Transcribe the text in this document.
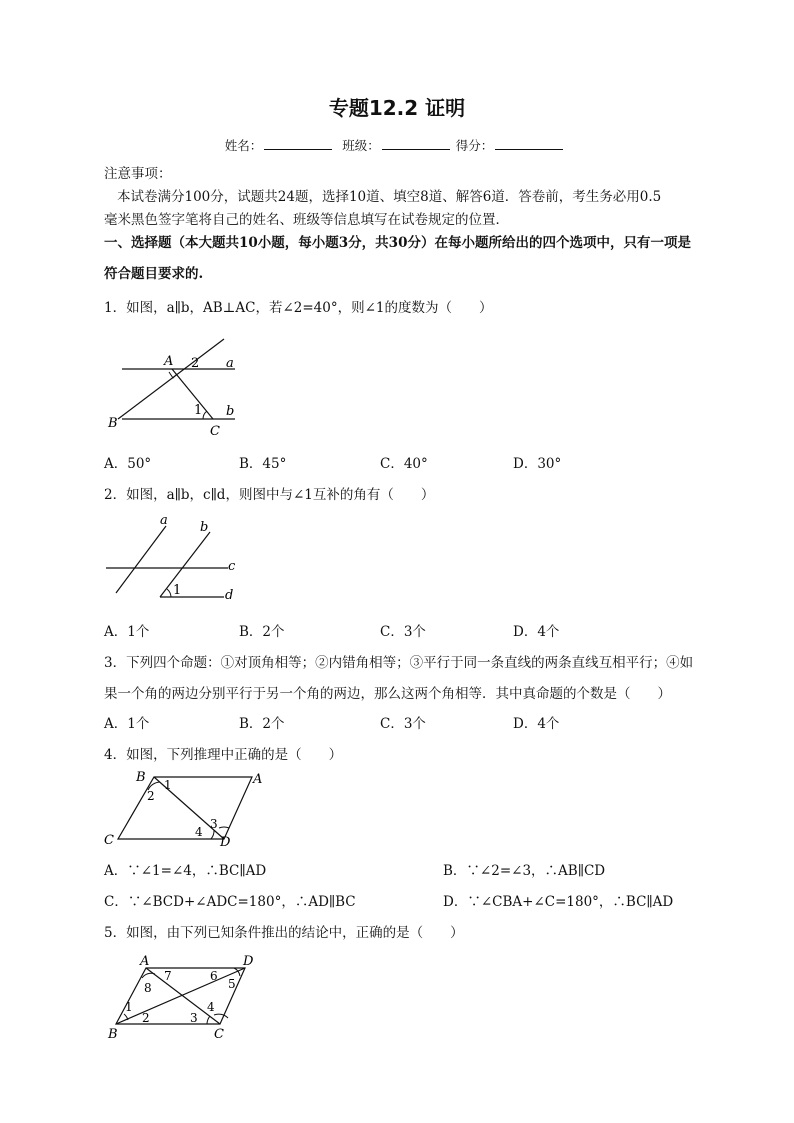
专题12.2 证明
姓名：	班级：	得分：
注意事项：
本试卷满分100分，试题共24题，选择10道、填空8道、解答6道．答卷前，考生务必用0.5
毫米黑色签字笔将自己的姓名、班级等信息填写在试卷规定的位置．
一、选择题（本大题共10小题，每小题3分，共30分）在每小题所给出的四个选项中，只有一项是
符合题目要求的.
1．如图，a∥b，AB⊥AC，若∠2=40°，则∠1的度数为（　　）
A 2 a
1 b
B
C
A．50°	B．45°	C．40°	D．30°
2．如图，a∥b，c∥d，则图中与∠1互补的角有（　　）
a b
c
d
1
A．1个	B．2个	C．3个	D．4个
3．下列四个命题：①对顶角相等；②内错角相等；③平行于同一条直线的两条直线互相平行；④如
果一个角的两边分别平行于另一个角的两边，那么这两个角相等．其中真命题的个数是（　　）
A．1个	B．2个	C．3个	D．4个
4．如图，下列推理中正确的是（　　）
B	A
C	D
1
2
3
4
A．∵∠1=∠4，∴BC∥AD	B．∵∠2=∠3，∴AB∥CD
C．∵∠BCD+∠ADC=180°，∴AD∥BC	D．∵∠CBA+∠C=180°，∴BC∥AD
5．如图，由下列已知条件推出的结论中，正确的是（　　）
A	D
B	C
7
8
6
5
1
2	3
4
